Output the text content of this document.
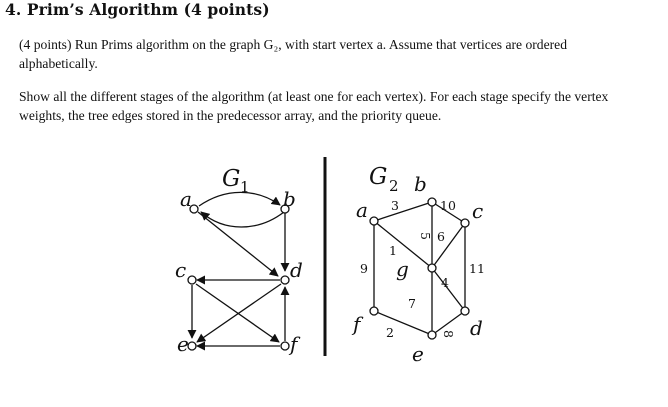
4. Prim’s Algorithm (4 points)
(4 points) Run Prims algorithm on the graph G₂, with start vertex a. Assume that vertices are ordered alphabetically.
Show all the different stages of the algorithm (at least one for each vertex). For each stage specify the vertex weights, the tree edges stored in the predecessor array, and the priority queue.
G 1
a	b
c	d
e	f
G 2
a
b
c
d
e
f
g
3	10
5 6
1
9	11
4
7
2	8
